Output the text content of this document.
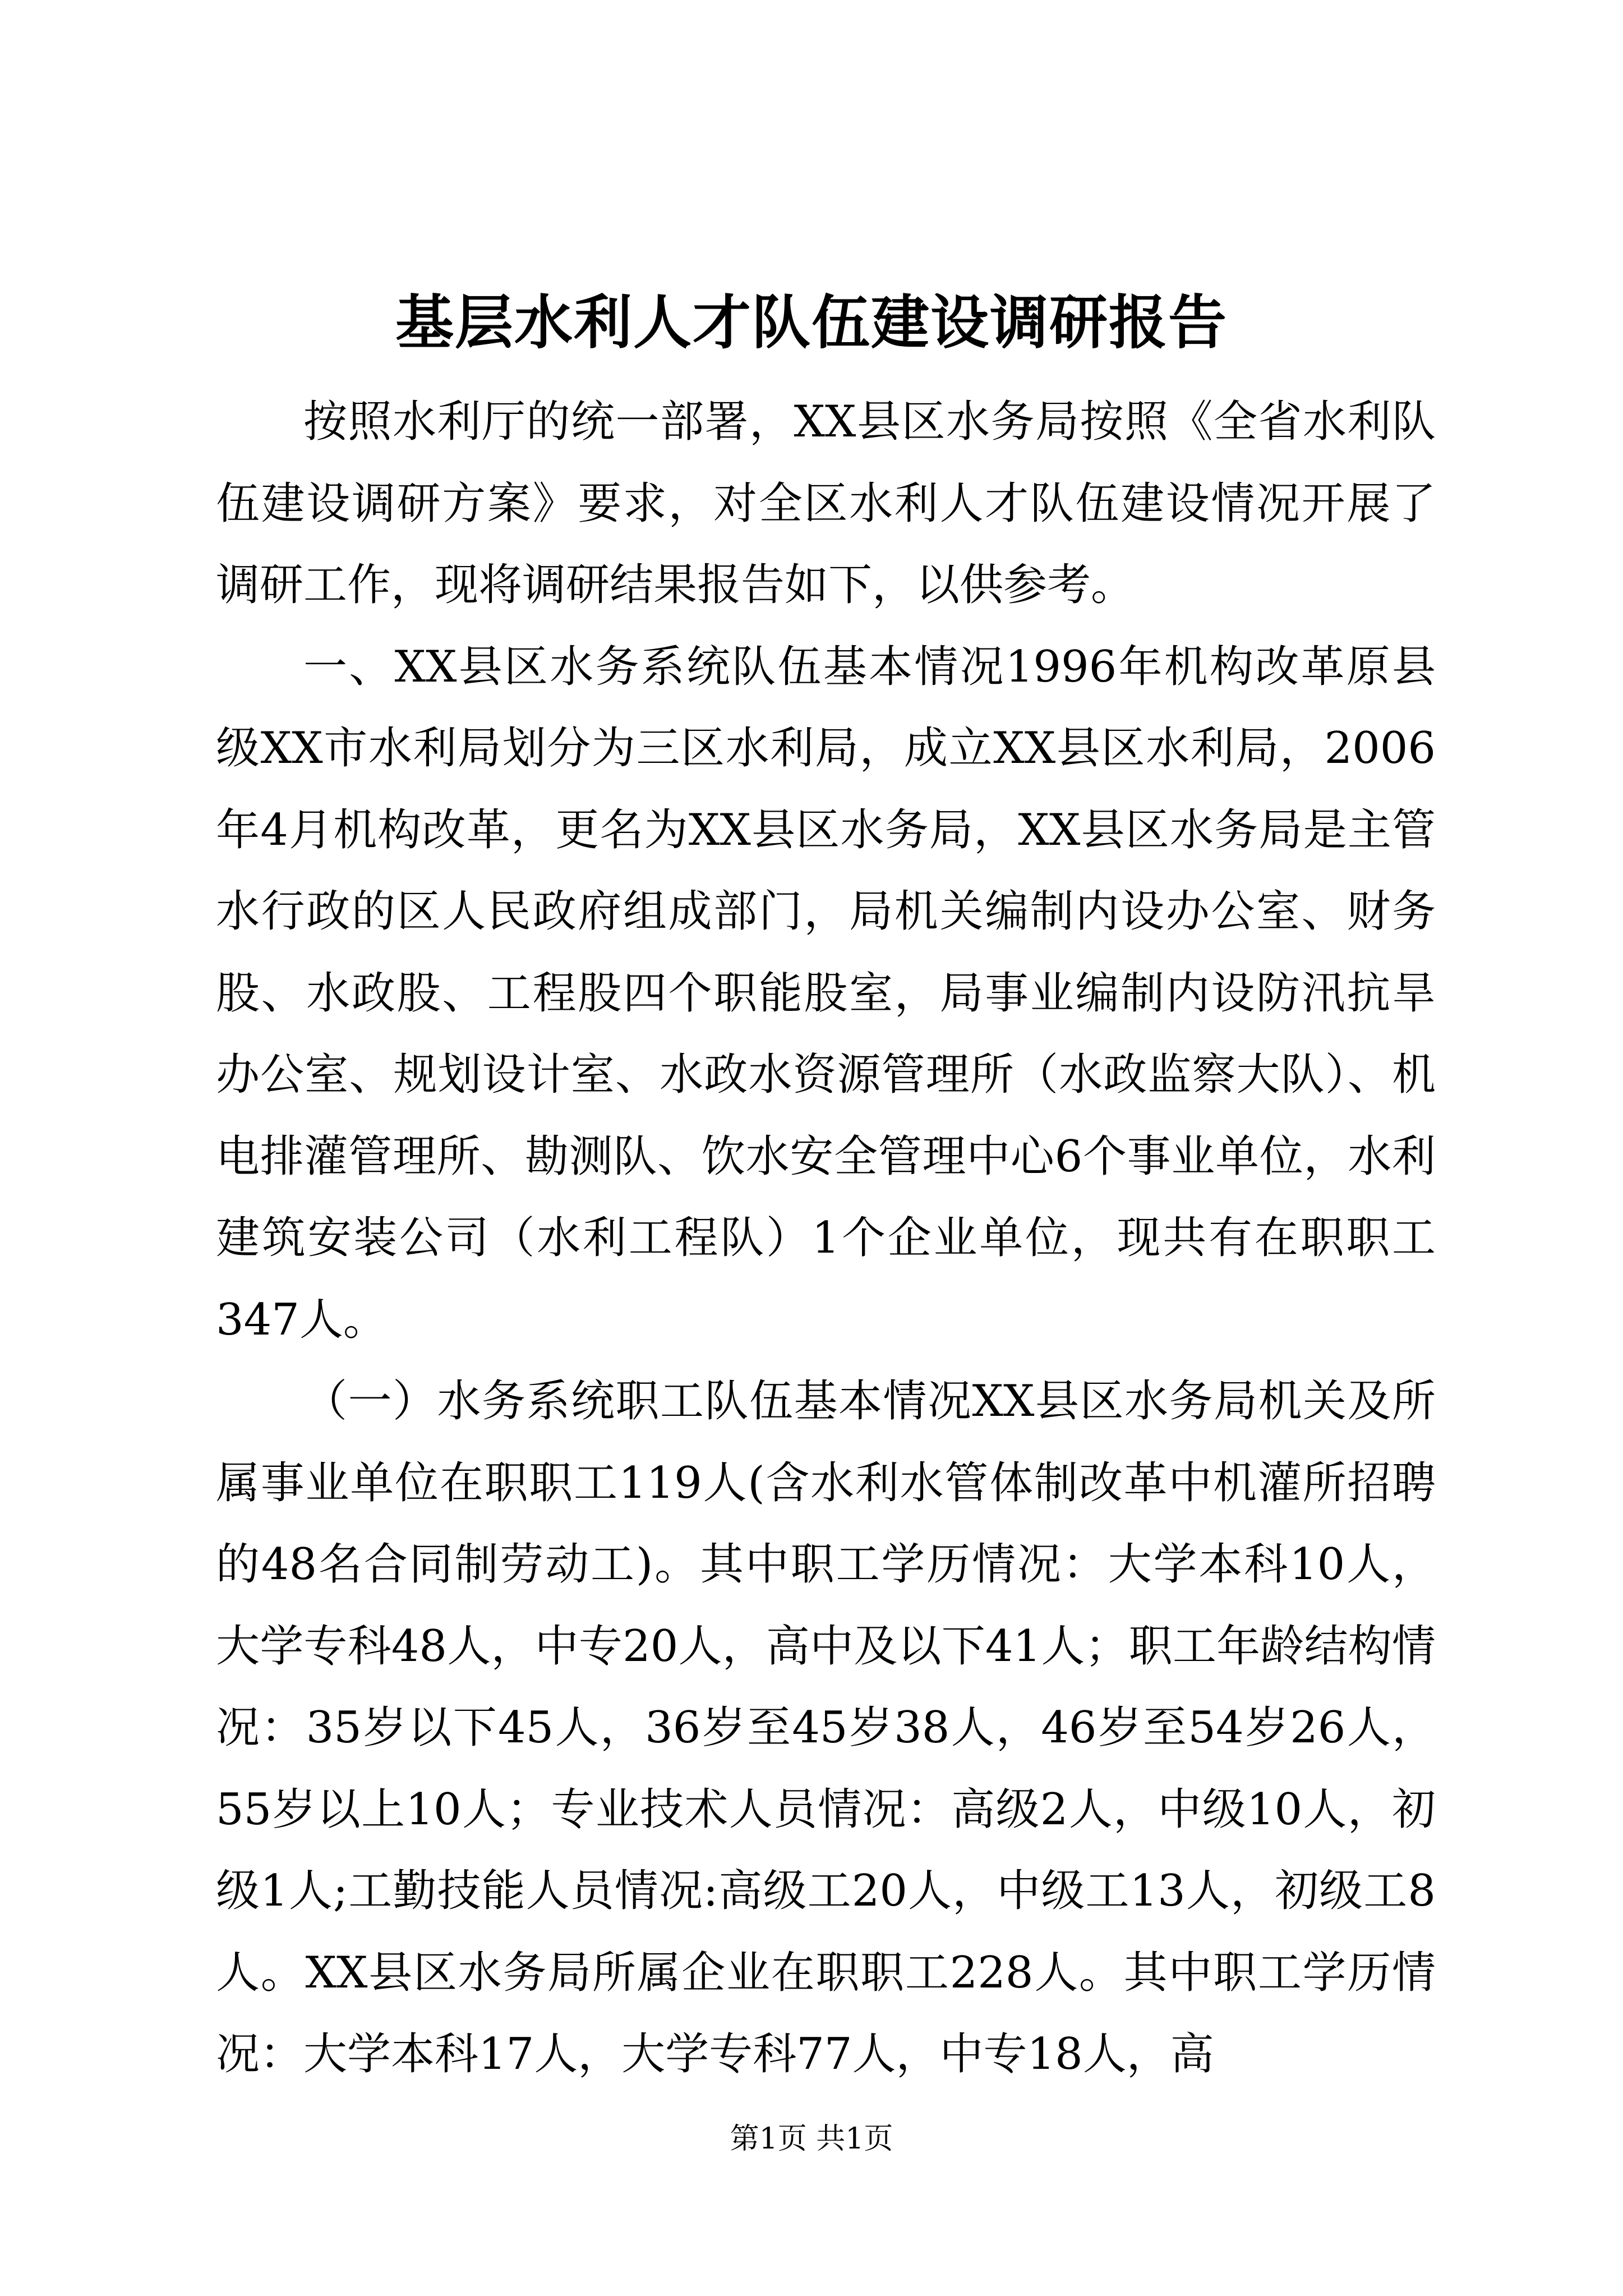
基层水利人才队伍建设调研报告

按照水利厅的统一部署，XX县区水务局按照《全省水利队伍建设调研方案》要求，对全区水利人才队伍建设情况开展了调研工作，现将调研结果报告如下，以供参考。

一、XX县区水务系统队伍基本情况1996年机构改革原县级XX市水利局划分为三区水利局，成立XX县区水利局，2006年4月机构改革，更名为XX县区水务局，XX县区水务局是主管水行政的区人民政府组成部门，局机关编制内设办公室、财务股、水政股、工程股四个职能股室，局事业编制内设防汛抗旱办公室、规划设计室、水政水资源管理所（水政监察大队）、机电排灌管理所、勘测队、饮水安全管理中心6个事业单位，水利建筑安装公司（水利工程队）1个企业单位，现共有在职职工347人。

（一）水务系统职工队伍基本情况XX县区水务局机关及所属事业单位在职职工119人(含水利水管体制改革中机灌所招聘的48名合同制劳动工)。其中职工学历情况：大学本科10人，大学专科48人，中专20人，高中及以下41人；职工年龄结构情况：35岁以下45人，36岁至45岁38人，46岁至54岁26人，55岁以上10人；专业技术人员情况：高级2人，中级10人，初级1人;工勤技能人员情况:高级工20人，中级工13人，初级工8人。XX县区水务局所属企业在职职工228人。其中职工学历情况：大学本科17人，大学专科77人，中专18人，高

第1页 共1页
